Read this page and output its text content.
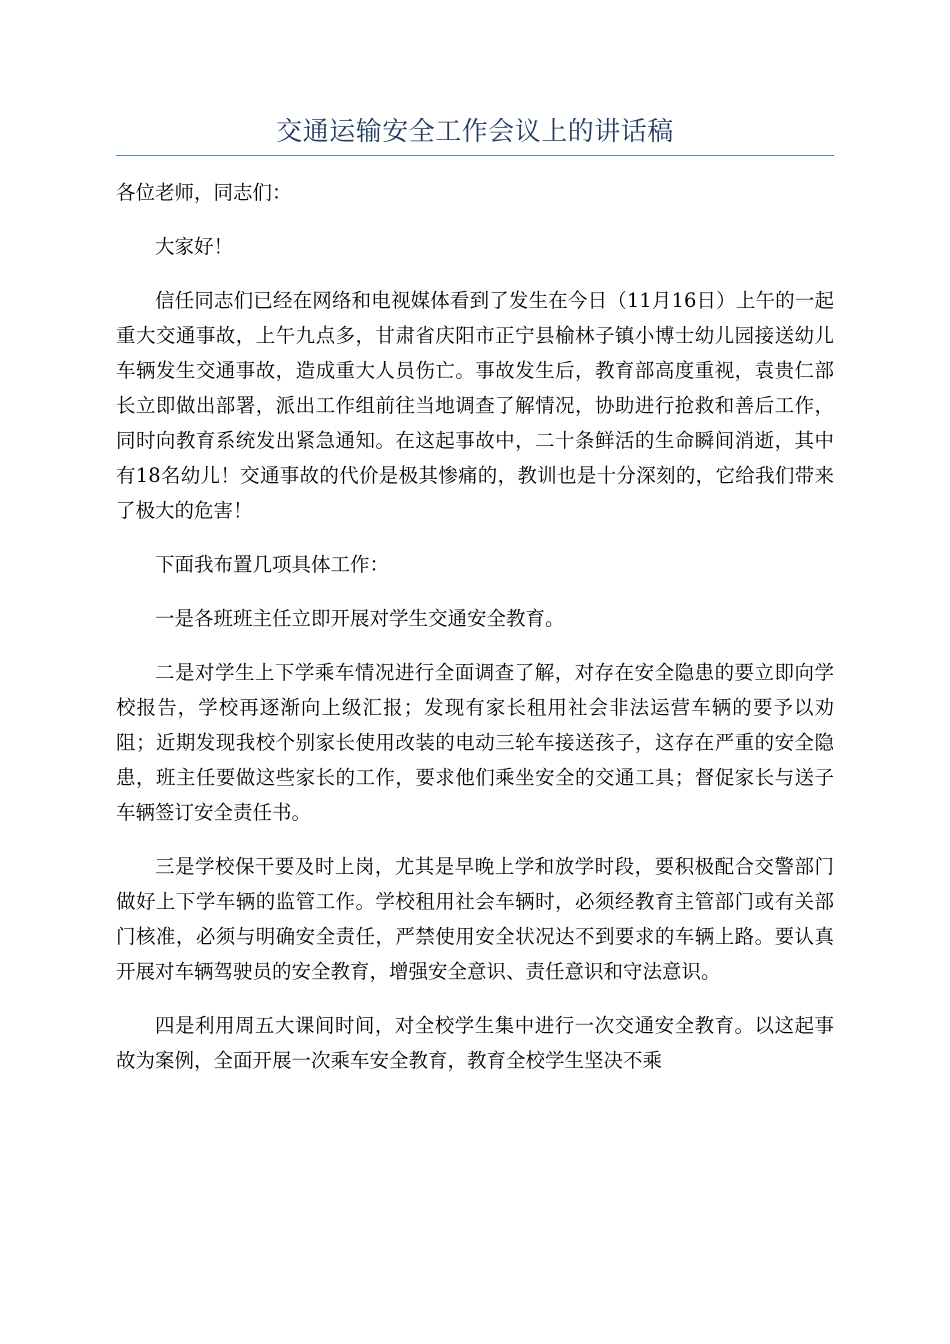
交通运输安全工作会议上的讲话稿

各位老师，同志们：

大家好！

信任同志们已经在网络和电视媒体看到了发生在今日（11月16日）上午的一起重大交通事故，上午九点多，甘肃省庆阳市正宁县榆林子镇小博士幼儿园接送幼儿车辆发生交通事故，造成重大人员伤亡。事故发生后，教育部高度重视，袁贵仁部长立即做出部署，派出工作组前往当地调查了解情况，协助进行抢救和善后工作，同时向教育系统发出紧急通知。在这起事故中，二十条鲜活的生命瞬间消逝，其中有18名幼儿！交通事故的代价是极其惨痛的，教训也是十分深刻的，它给我们带来了极大的危害！

下面我布置几项具体工作：

一是各班班主任立即开展对学生交通安全教育。

二是对学生上下学乘车情况进行全面调查了解，对存在安全隐患的要立即向学校报告，学校再逐渐向上级汇报；发现有家长租用社会非法运营车辆的要予以劝阻；近期发现我校个别家长使用改装的电动三轮车接送孩子，这存在严重的安全隐患，班主任要做这些家长的工作，要求他们乘坐安全的交通工具；督促家长与送子车辆签订安全责任书。

三是学校保干要及时上岗，尤其是早晚上学和放学时段，要积极配合交警部门做好上下学车辆的监管工作。学校租用社会车辆时，必须经教育主管部门或有关部门核准，必须与明确安全责任，严禁使用安全状况达不到要求的车辆上路。要认真开展对车辆驾驶员的安全教育，增强安全意识、责任意识和守法意识。

四是利用周五大课间时间，对全校学生集中进行一次交通安全教育。以这起事故为案例，全面开展一次乘车安全教育，教育全校学生坚决不乘
